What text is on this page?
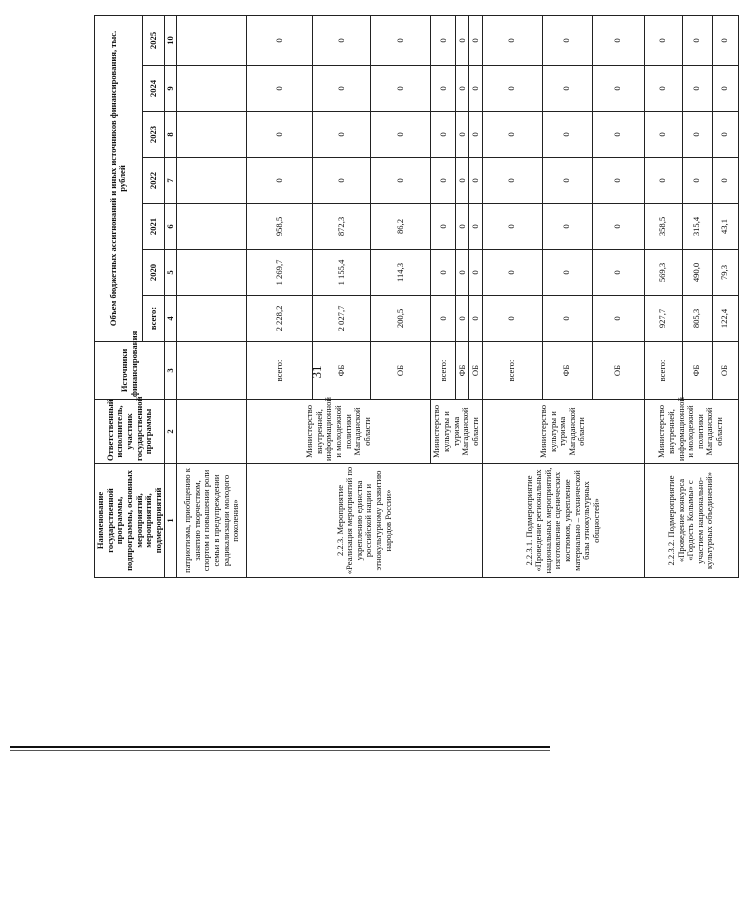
31
Наименование государственной программы, подпрограммы, основных мероприятий, мероприятий, подмероприятий	Ответственный исполнитель, участник государственной программы	Источники финансирования	Объем бюджетных ассигнований и иных источников финансирования, тыс. рублей						
			всего:	2020	2021	2022	2023	2024	2025
1	2	3	4	5	6	7	8	9	10
патриотизма, приобщению к занятию творчеством, спортом и повышении роли семьи в предупреждении радикализации молодого поколения»									
2.2.3. Мероприятие «Реализация мероприятий по укреплению единства российской нации и этнокультурному развитию народов России»	Министерство внутренней, информационной и молодежной политики Магаданской области	всего:	2 228,2	1 269,7	958,5	0	0	0	0
		ФБ	2 027,7	1 155,4	872,3	0	0	0	0
		ОБ	200,5	114,3	86,2	0	0	0	0
	Министерство культуры и туризма Магаданской области	всего:	0	0	0	0	0	0	0
		ФБ	0	0	0	0	0	0	0
		ОБ	0	0	0	0	0	0	0
2.2.3.1. Подмероприятие «Проведение региональных национальных мероприятий, изготовление сценических костюмов, укрепление материально – технической базы этнокультурных общностей»	Министерство культуры и туризма Магаданской области	всего:	0	0	0	0	0	0	0
		ФБ	0	0	0	0	0	0	0
		ОБ	0	0	0	0	0	0	0
2.2.3.2. Подмероприятие «Проведение конкурса «Гордость Колымы» с участием национально-культурных объединений»	Министерство внутренней, информационной и молодежной политики Магаданской области	всего:	927,7	569,3	358,5	0	0	0	0
		ФБ	805,3	490,0	315,4	0	0	0	0
		ОБ	122,4	79,3	43,1	0	0	0	0
